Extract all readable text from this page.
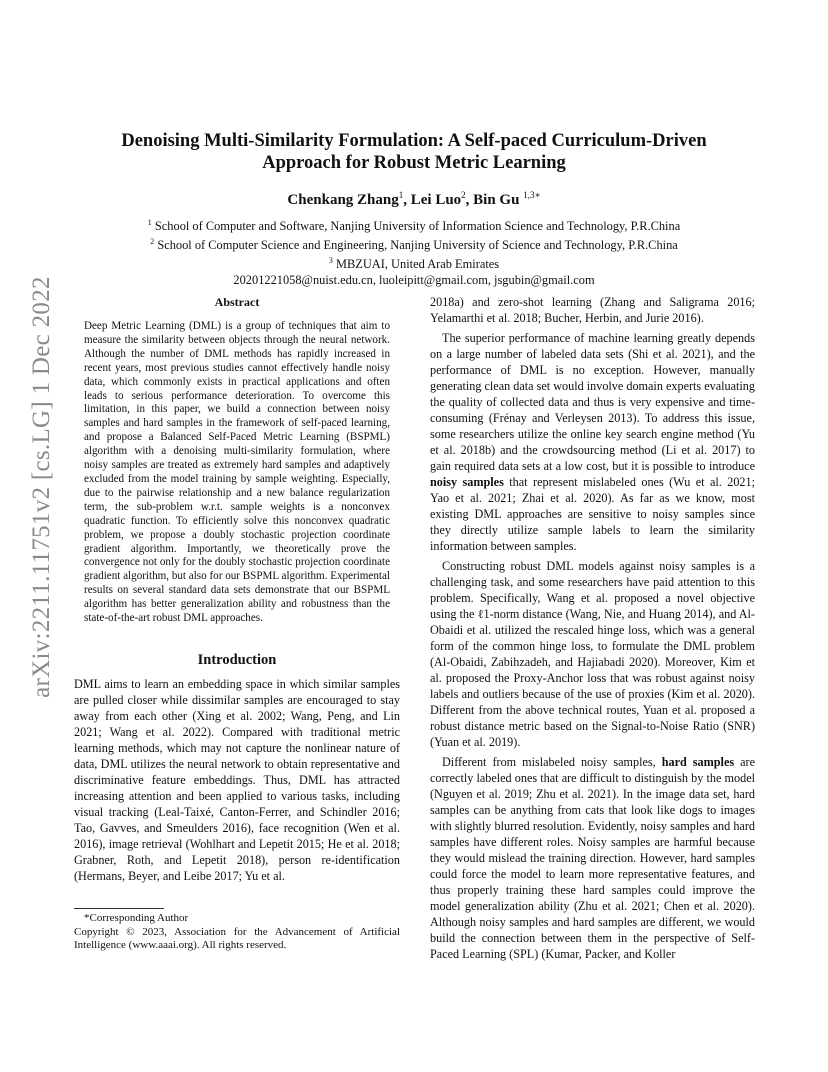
arXiv:2211.11751v2 [cs.LG] 1 Dec 2022
Denoising Multi-Similarity Formulation: A Self-paced Curriculum-Driven
Approach for Robust Metric Learning
Chenkang Zhang$^1$, Lei Luo$^2$, Bin Gu $^{1,3∗}$
$^1$ School of Computer and Software, Nanjing University of Information Science and Technology, P.R.China
$^2$ School of Computer Science and Engineering, Nanjing University of Science and Technology, P.R.China
$^3$ MBZUAI, United Arab Emirates
20201221058@nuist.edu.cn, luoleipitt@gmail.com, jsgubin@gmail.com
Abstract

Deep Metric Learning (DML) is a group of techniques that aim to measure the similarity between objects through the neural network. Although the number of DML methods has rapidly increased in recent years, most previous studies cannot effectively handle noisy data, which commonly exists in practical applications and often leads to serious performance deterioration. To overcome this limitation, in this paper, we build a connection between noisy samples and hard samples in the framework of self-paced learning, and propose a Balanced Self-Paced Metric Learning (BSPML) algorithm with a denoising multi-similarity formulation, where noisy samples are treated as extremely hard samples and adaptively excluded from the model training by sample weighting. Especially, due to the pairwise relationship and a new balance regularization term, the sub-problem w.r.t. sample weights is a nonconvex quadratic function. To efficiently solve this nonconvex quadratic problem, we propose a doubly stochastic projection coordinate gradient algorithm. Importantly, we theoretically prove the convergence not only for the doubly stochastic projection coordinate gradient algorithm, but also for our BSPML algorithm. Experimental results on several standard data sets demonstrate that our BSPML algorithm has better generalization ability and robustness than the state-of-the-art robust DML approaches.

Introduction

DML aims to learn an embedding space in which similar samples are pulled closer while dissimilar samples are encouraged to stay away from each other (Xing et al. 2002; Wang, Peng, and Lin 2021; Wang et al. 2022). Compared with traditional metric learning methods, which may not capture the nonlinear nature of data, DML utilizes the neural network to obtain representative and discriminative feature embeddings. Thus, DML has attracted increasing attention and been applied to various tasks, including visual tracking (Leal-Taixé, Canton-Ferrer, and Schindler 2016; Tao, Gavves, and Smeulders 2016), face recognition (Wen et al. 2016), image retrieval (Wohlhart and Lepetit 2015; He et al. 2018; Grabner, Roth, and Lepetit 2018), person re-identification (Hermans, Beyer, and Leibe 2017; Yu et al.

*Corresponding Author
Copyright © 2023, Association for the Advancement of Artificial Intelligence (www.aaai.org). All rights reserved.

2018a) and zero-shot learning (Zhang and Saligrama 2016; Yelamarthi et al. 2018; Bucher, Herbin, and Jurie 2016).

The superior performance of machine learning greatly depends on a large number of labeled data sets (Shi et al. 2021), and the performance of DML is no exception. However, manually generating clean data set would involve domain experts evaluating the quality of collected data and thus is very expensive and time-consuming (Frénay and Verleysen 2013). To address this issue, some researchers utilize the online key search engine method (Yu et al. 2018b) and the crowdsourcing method (Li et al. 2017) to gain required data sets at a low cost, but it is possible to introduce noisy samples that represent mislabeled ones (Wu et al. 2021; Yao et al. 2021; Zhai et al. 2020). As far as we know, most existing DML approaches are sensitive to noisy samples since they directly utilize sample labels to learn the similarity information between samples.

Constructing robust DML models against noisy samples is a challenging task, and some researchers have paid attention to this problem. Specifically, Wang et al. proposed a novel objective using the ℓ1-norm distance (Wang, Nie, and Huang 2014), and Al-Obaidi et al. utilized the rescaled hinge loss, which was a general form of the common hinge loss, to formulate the DML problem (Al-Obaidi, Zabihzadeh, and Hajiabadi 2020). Moreover, Kim et al. proposed the Proxy-Anchor loss that was robust against noisy labels and outliers because of the use of proxies (Kim et al. 2020). Different from the above technical routes, Yuan et al. proposed a robust distance metric based on the Signal-to-Noise Ratio (SNR) (Yuan et al. 2019).

Different from mislabeled noisy samples, hard samples are correctly labeled ones that are difficult to distinguish by the model (Nguyen et al. 2019; Zhu et al. 2021). In the image data set, hard samples can be anything from cats that look like dogs to images with slightly blurred resolution. Evidently, noisy samples and hard samples have different roles. Noisy samples are harmful because they would mislead the training direction. However, hard samples could force the model to learn more representative features, and thus properly training these hard samples could improve the model generalization ability (Zhu et al. 2021; Chen et al. 2020). Although noisy samples and hard samples are different, we would build the connection between them in the perspective of Self-Paced Learning (SPL) (Kumar, Packer, and Koller
